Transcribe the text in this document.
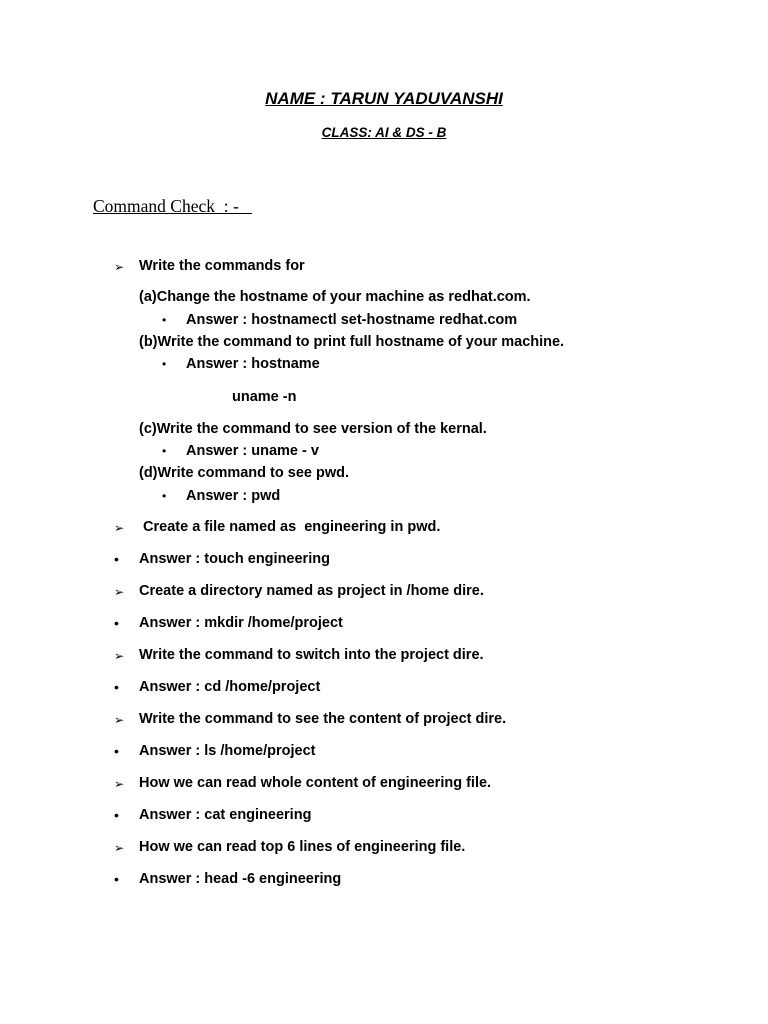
NAME : TARUN YADUVANSHI
CLASS: AI & DS - B
Command Check  : -
➢ Write the commands for
(a)Change the hostname of your machine as redhat.com.
• Answer : hostnamectl set-hostname redhat.com
(b)Write the command to print full hostname of your machine.
• Answer : hostname
uname -n
(c)Write the command to see version of the kernal.
• Answer : uname - v
(d)Write command to see pwd.
• Answer : pwd
➢ Create a file named as  engineering in pwd.
• Answer : touch engineering
➢ Create a directory named as project in /home dire.
• Answer : mkdir /home/project
➢ Write the command to switch into the project dire.
• Answer : cd /home/project
➢ Write the command to see the content of project dire.
• Answer : ls /home/project
➢ How we can read whole content of engineering file.
• Answer : cat engineering
➢ How we can read top 6 lines of engineering file.
• Answer : head -6 engineering
